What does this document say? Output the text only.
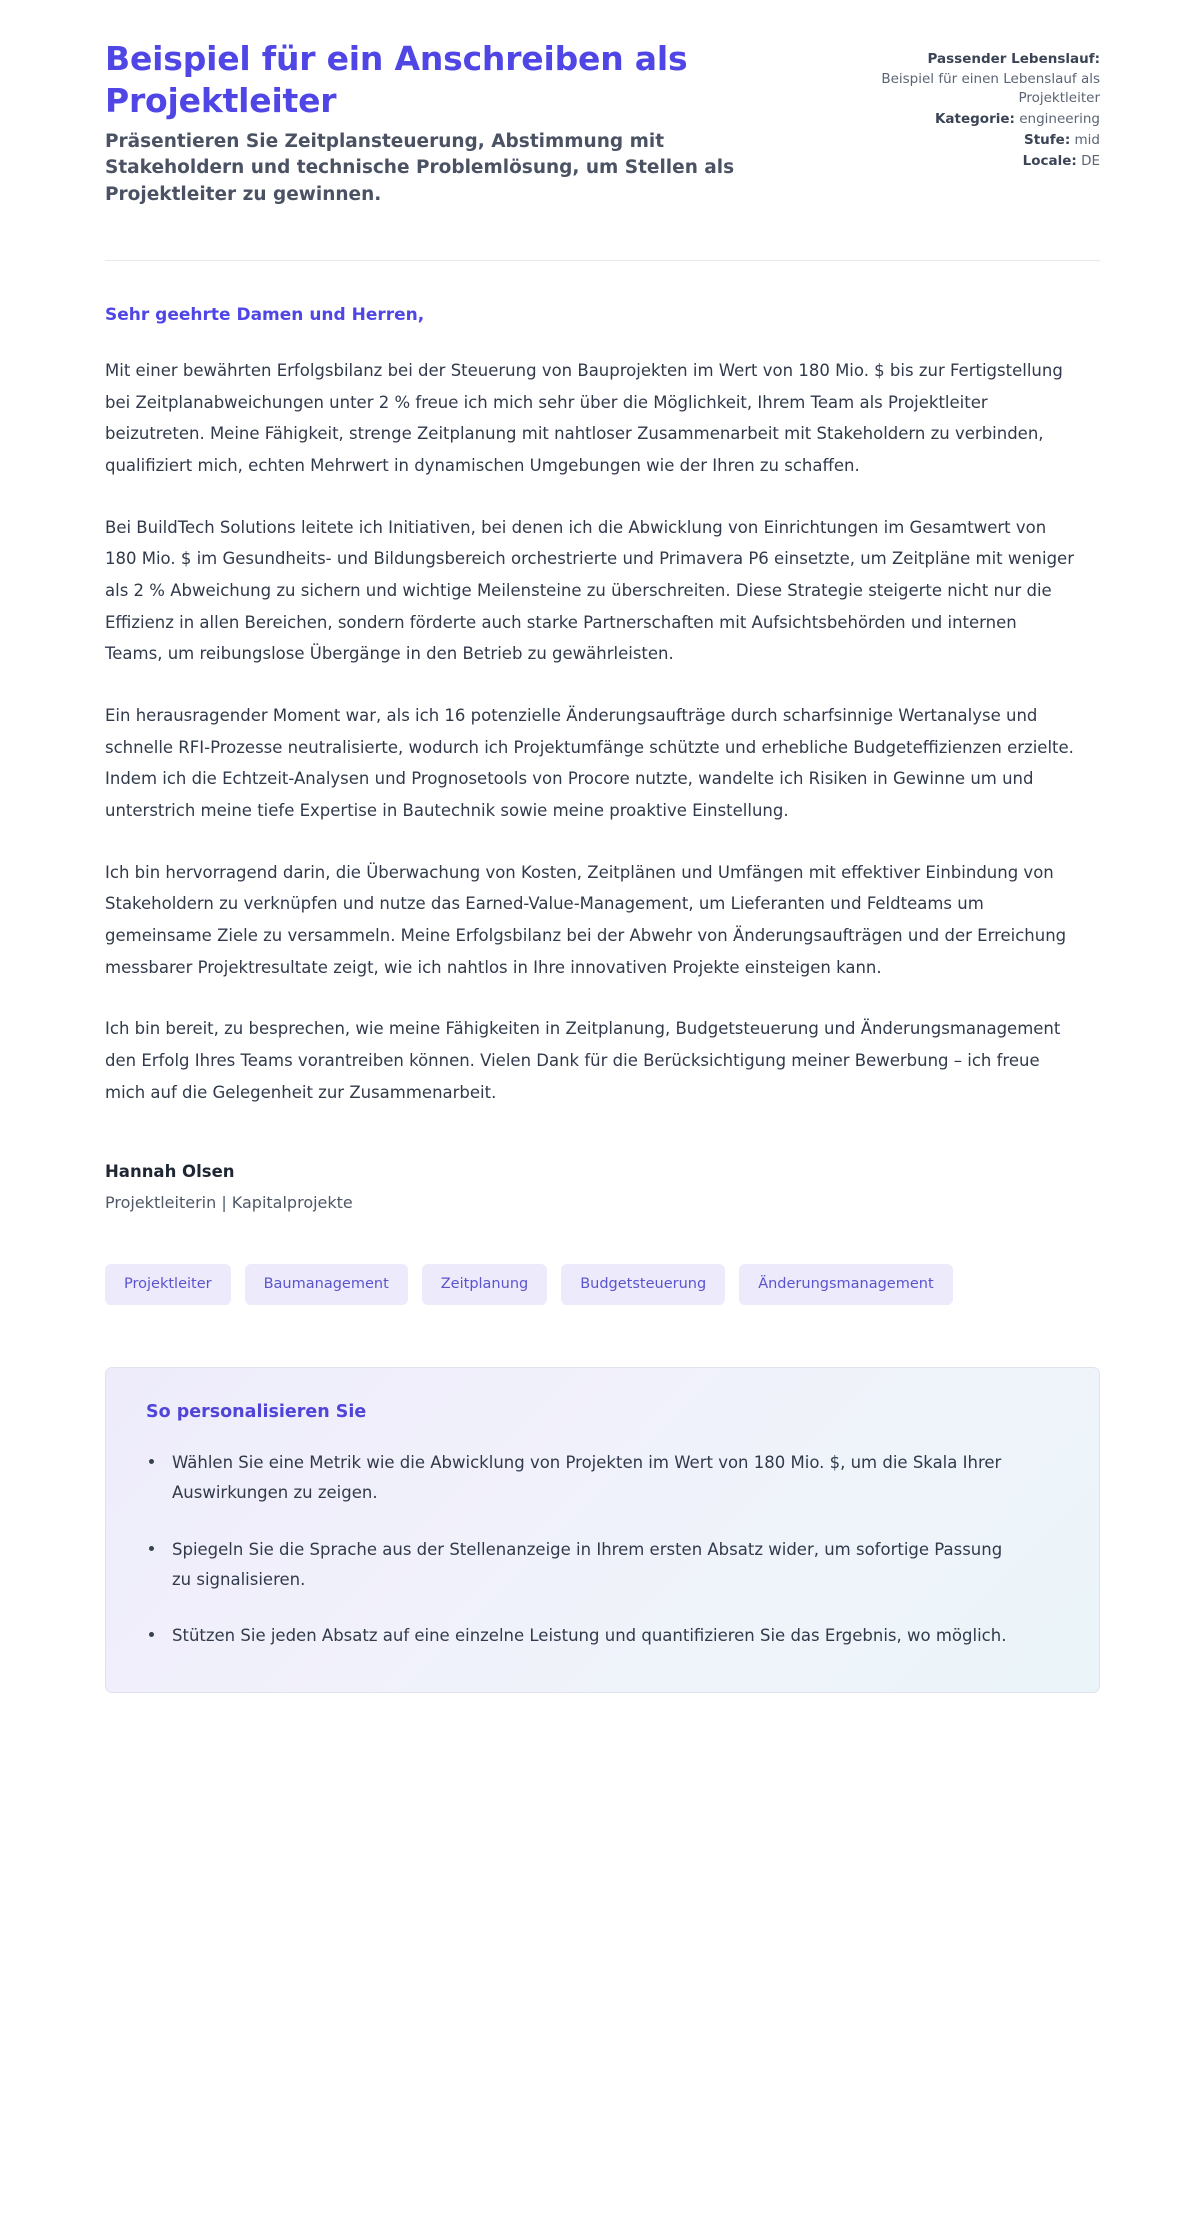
Beispiel für ein Anschreiben als Projektleiter

Präsentieren Sie Zeitplansteuerung, Abstimmung mit Stakeholdern und technische Problemlösung, um Stellen als Projektleiter zu gewinnen.

Passender Lebenslauf:
Beispiel für einen Lebenslauf als Projektleiter
Kategorie: engineering
Stufe: mid
Locale: DE

Sehr geehrte Damen und Herren,

Mit einer bewährten Erfolgsbilanz bei der Steuerung von Bauprojekten im Wert von 180 Mio. $ bis zur Fertigstellung bei Zeitplanabweichungen unter 2 % freue ich mich sehr über die Möglichkeit, Ihrem Team als Projektleiter beizutreten. Meine Fähigkeit, strenge Zeitplanung mit nahtloser Zusammenarbeit mit Stakeholdern zu verbinden, qualifiziert mich, echten Mehrwert in dynamischen Umgebungen wie der Ihren zu schaffen.

Bei BuildTech Solutions leitete ich Initiativen, bei denen ich die Abwicklung von Einrichtungen im Gesamtwert von 180 Mio. $ im Gesundheits- und Bildungsbereich orchestrierte und Primavera P6 einsetzte, um Zeitpläne mit weniger als 2 % Abweichung zu sichern und wichtige Meilensteine zu überschreiten. Diese Strategie steigerte nicht nur die Effizienz in allen Bereichen, sondern förderte auch starke Partnerschaften mit Aufsichtsbehörden und internen Teams, um reibungslose Übergänge in den Betrieb zu gewährleisten.

Ein herausragender Moment war, als ich 16 potenzielle Änderungsaufträge durch scharfsinnige Wertanalyse und schnelle RFI-Prozesse neutralisierte, wodurch ich Projektumfänge schützte und erhebliche Budgeteffizienzen erzielte. Indem ich die Echtzeit-Analysen und Prognosetools von Procore nutzte, wandelte ich Risiken in Gewinne um und unterstrich meine tiefe Expertise in Bautechnik sowie meine proaktive Einstellung.

Ich bin hervorragend darin, die Überwachung von Kosten, Zeitplänen und Umfängen mit effektiver Einbindung von Stakeholdern zu verknüpfen und nutze das Earned-Value-Management, um Lieferanten und Feldteams um gemeinsame Ziele zu versammeln. Meine Erfolgsbilanz bei der Abwehr von Änderungsaufträgen und der Erreichung messbarer Projektresultate zeigt, wie ich nahtlos in Ihre innovativen Projekte einsteigen kann.

Ich bin bereit, zu besprechen, wie meine Fähigkeiten in Zeitplanung, Budgetsteuerung und Änderungsmanagement den Erfolg Ihres Teams vorantreiben können. Vielen Dank für die Berücksichtigung meiner Bewerbung – ich freue mich auf die Gelegenheit zur Zusammenarbeit.

Hannah Olsen

Projektleiterin | Kapitalprojekte

Projektleiter	Baumanagement	Zeitplanung	Budgetsteuerung	Änderungsmanagement
So personalisieren Sie
Wählen Sie eine Metrik wie die Abwicklung von Projekten im Wert von 180 Mio. $, um die Skala Ihrer Auswirkungen zu zeigen.
Spiegeln Sie die Sprache aus der Stellenanzeige in Ihrem ersten Absatz wider, um sofortige Passung zu signalisieren.
Stützen Sie jeden Absatz auf eine einzelne Leistung und quantifizieren Sie das Ergebnis, wo möglich.
